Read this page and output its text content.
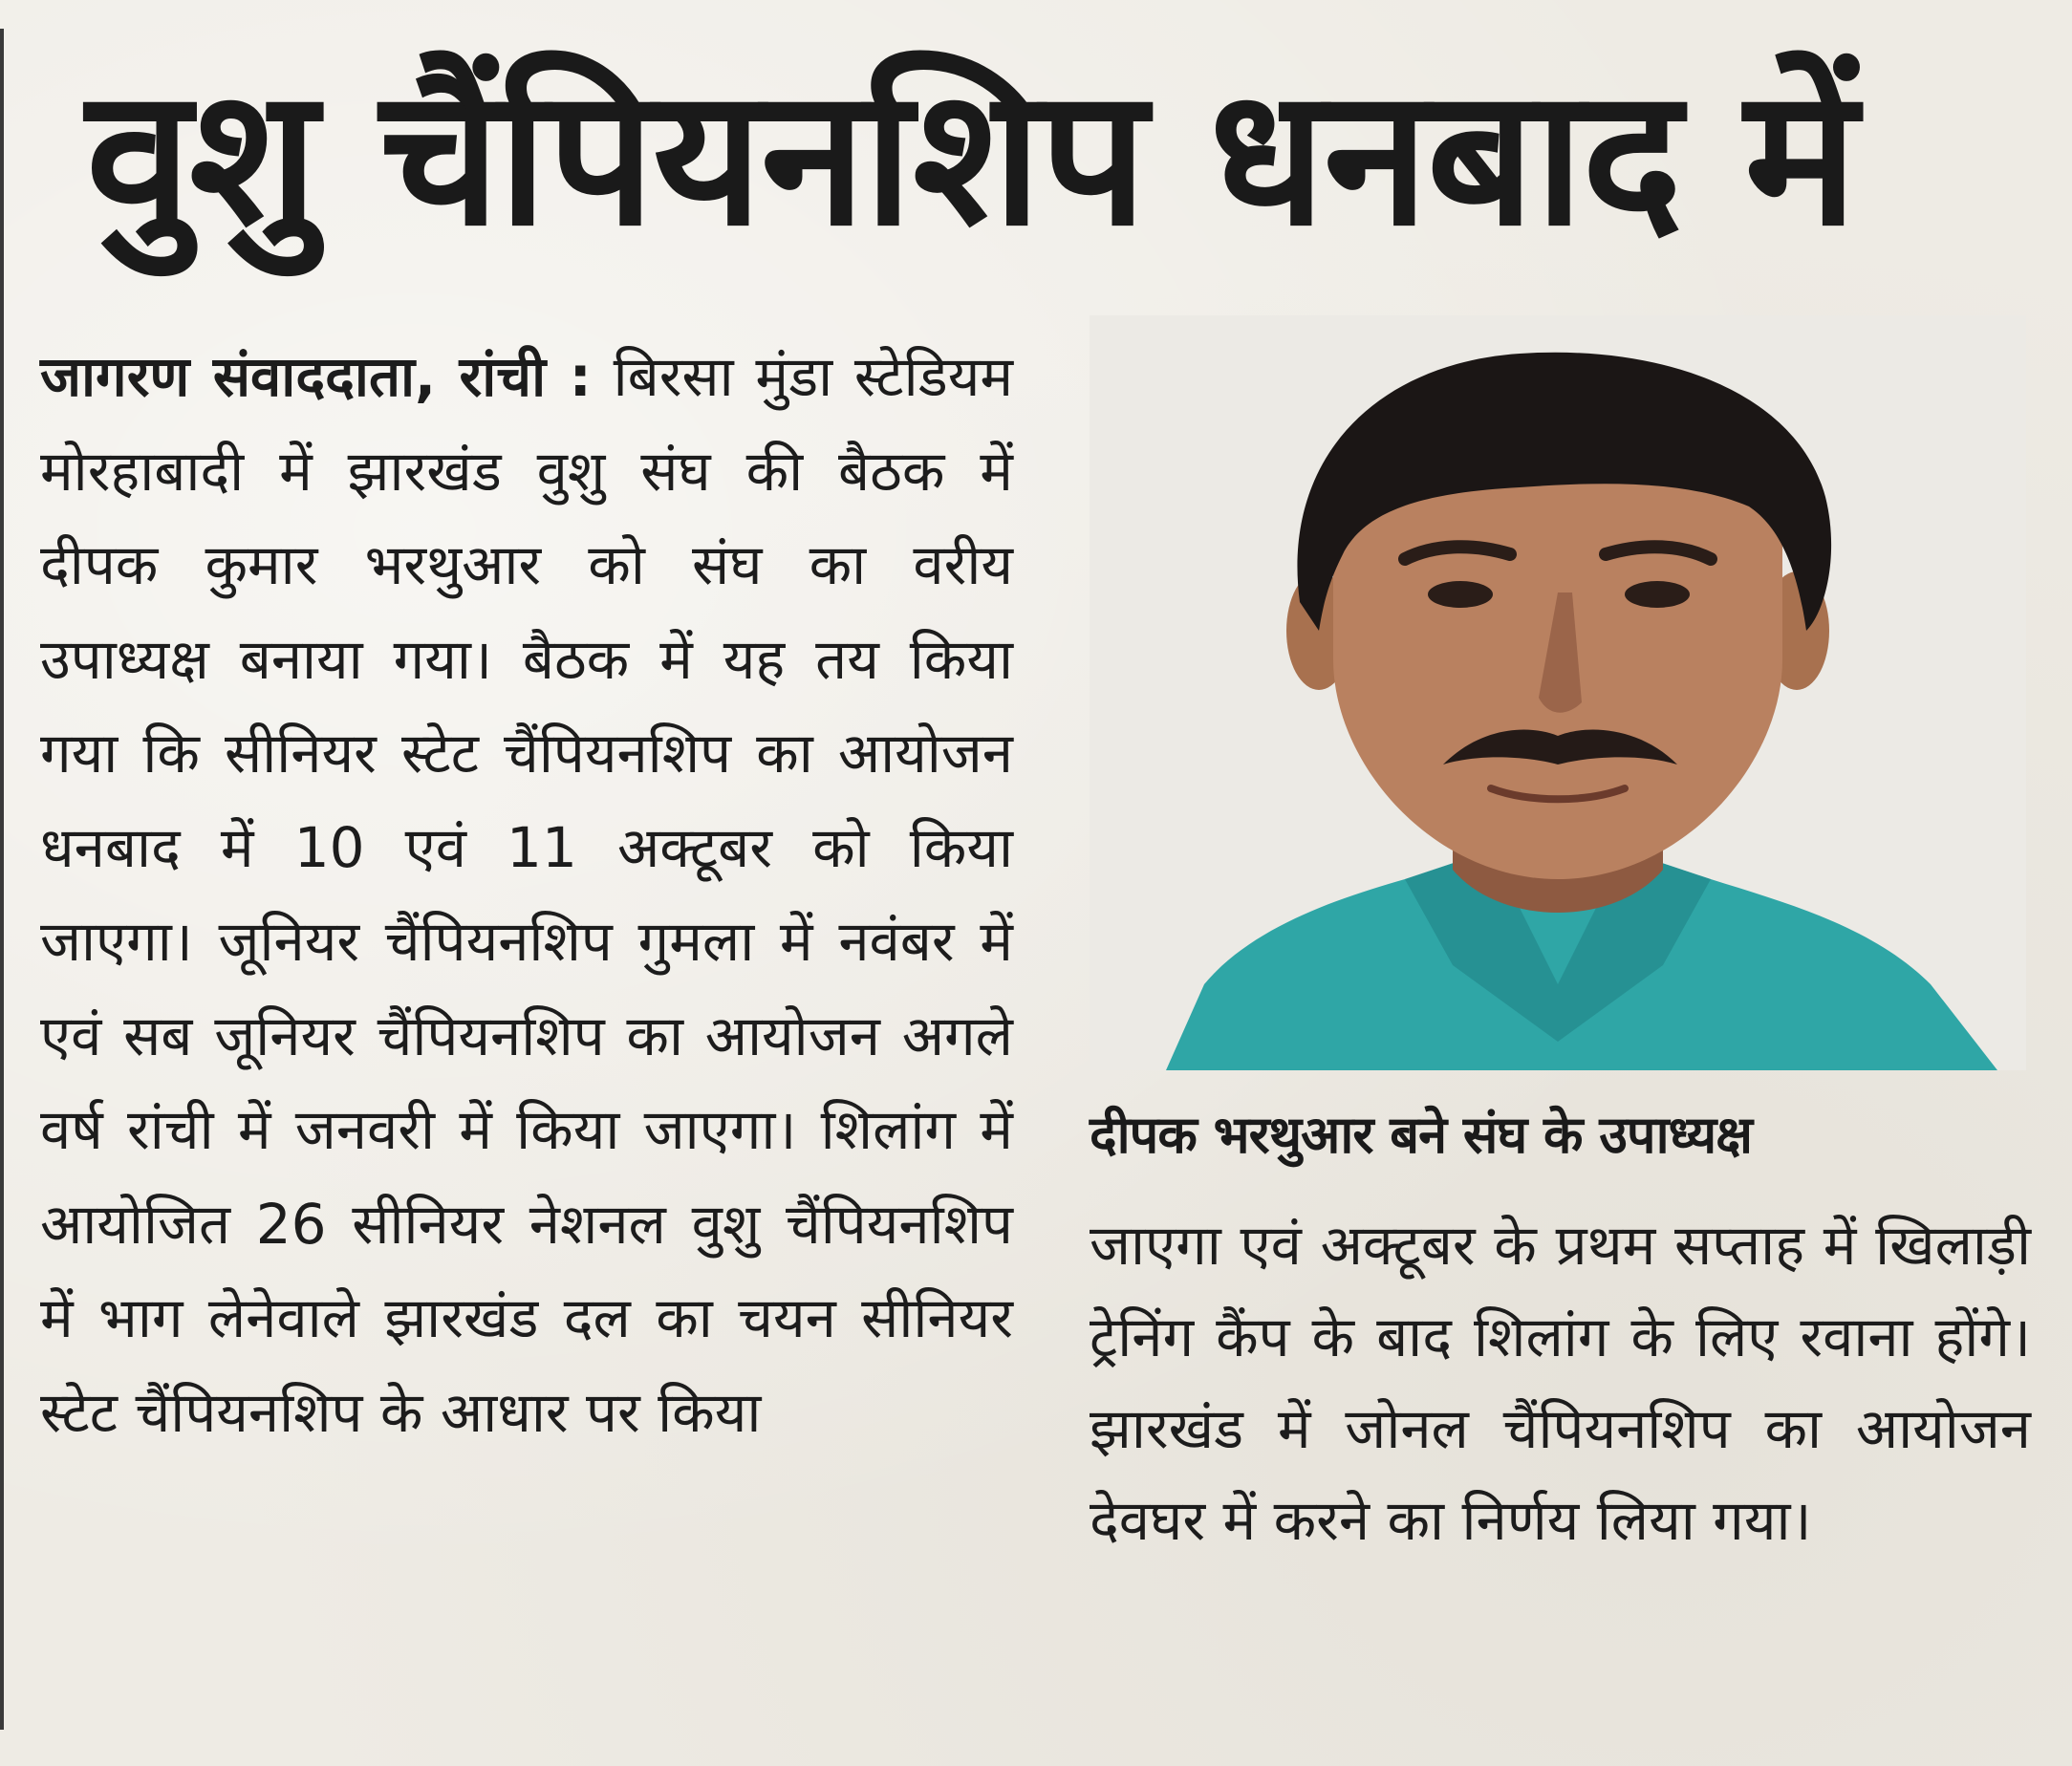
वुशु चैंपियनशिप धनबाद में

जागरण संवाददाता, रांची : बिरसा मुंडा स्टेडियम मोरहाबादी में झारखंड वुशु संघ की बैठक में दीपक कुमार भरथुआर को संघ का वरीय उपाध्यक्ष बनाया गया। बैठक में यह तय किया गया कि सीनियर स्टेट चैंपियनशिप का आयोजन धनबाद में 10 एवं 11 अक्टूबर को किया जाएगा। जूनियर चैंपियनशिप गुमला में नवंबर में एवं सब जूनियर चैंपियनशिप का आयोजन अगले वर्ष रांची में जनवरी में किया जाएगा। शिलांग में आयोजित 26 सीनियर नेशनल वुशु चैंपियनशिप में भाग लेनेवाले झारखंड दल का चयन सीनियर स्टेट चैंपियनशिप के आधार पर किया

दीपक भरथुआर बने संघ के उपाध्यक्ष

जाएगा एवं अक्टूबर के प्रथम सप्ताह में खिलाड़ी ट्रेनिंग कैंप के बाद शिलांग के लिए रवाना होंगे। झारखंड में जोनल चैंपियनशिप का आयोजन देवघर में करने का निर्णय लिया गया।
